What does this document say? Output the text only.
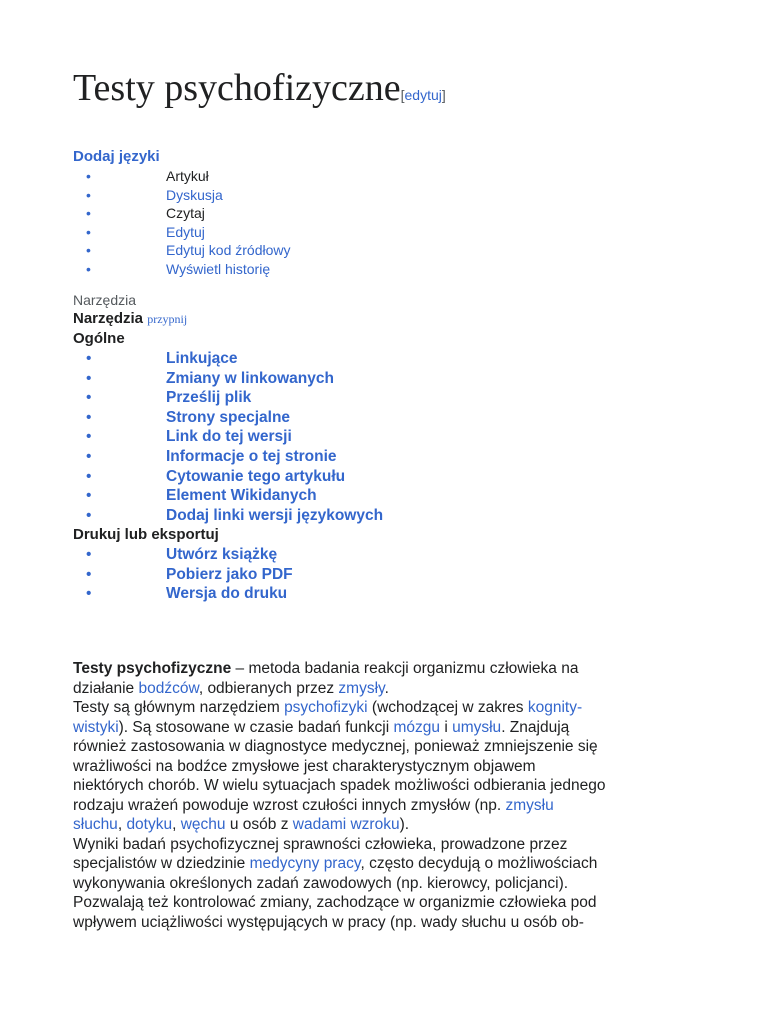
Testy psychofizyczne[edytuj]
Dodaj języki
•	Artykuł
•	Dyskusja
•	Czytaj
•	Edytuj
•	Edytuj kod źródłowy
•	Wyświetl historię
Narzędzia
Narzędzia przypnij
Ogólne
•	Linkujące
•	Zmiany w linkowanych
•	Prześlij plik
•	Strony specjalne
•	Link do tej wersji
•	Informacje o tej stronie
•	Cytowanie tego artykułu
•	Element Wikidanych
•	Dodaj linki wersji językowych
Drukuj lub eksportuj
•	Utwórz książkę
•	Pobierz jako PDF
•	Wersja do druku

Testy psychofizyczne – metoda badania reakcji organizmu człowieka na

działanie bodźców, odbieranych przez zmysły.

Testy są głównym narzędziem psychofizyki (wchodzącej w zakres kognity-

wistyki). Są stosowane w czasie badań funkcji mózgu i umysłu. Znajdują

również zastosowania w diagnostyce medycznej, ponieważ zmniejszenie się

wrażliwości na bodźce zmysłowe jest charakterystycznym objawem

niektórych chorób. W wielu sytuacjach spadek możliwości odbierania jednego

rodzaju wrażeń powoduje wzrost czułości innych zmysłów (np. zmysłu

słuchu, dotyku, węchu u osób z wadami wzroku).

Wyniki badań psychofizycznej sprawności człowieka, prowadzone przez

specjalistów w dziedzinie medycyny pracy, często decydują o możliwościach

wykonywania określonych zadań zawodowych (np. kierowcy, policjanci).

Pozwalają też kontrolować zmiany, zachodzące w organizmie człowieka pod

wpływem uciążliwości występujących w pracy (np. wady słuchu u osób ob-
